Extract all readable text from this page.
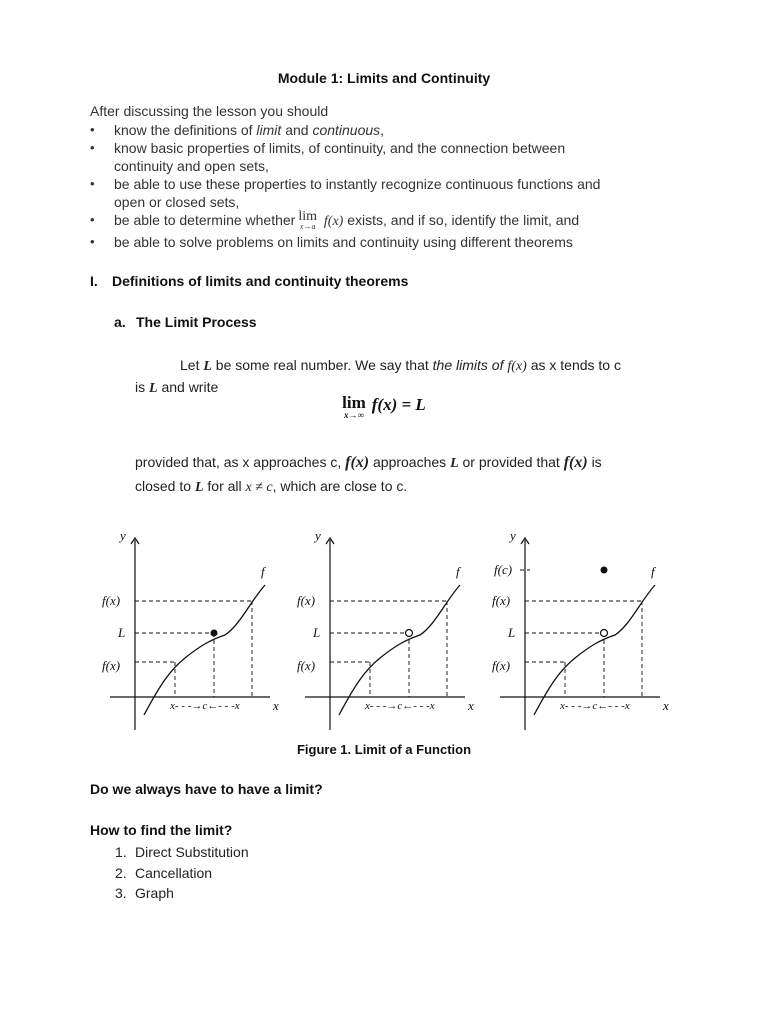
Module 1: Limits and Continuity
After discussing the lesson you should
• know the definitions of limit and continuous,
• know basic properties of limits, of continuity, and the connection between
continuity and open sets,
• be able to use these properties to instantly recognize continuous functions and
open or closed sets,
• be able to determine whether lim
x→a f(x) exists, and if so, identify the limit, and
• be able to solve problems on limits and continuity using different theorems
I. Definitions of limits and continuity theorems
a. The Limit Process
Let L be some real number. We say that the limits of f(x) as x tends to c
is L and write
lim
x→∞
f(x) = L
provided that, as x approaches c, f(x) approaches L or provided that f(x) is
closed to L for all x ≠ c, which are close to c.
y
x
f
f(x)
L
f(x)
x- - -→c←- - -x
y
x
f
f(x)
L
f(x)
x- - -→c←- - -x
y
x
f
f(c)
f(x)
L
f(x)
x- - -→c←- - -x
Figure 1. Limit of a Function
Do we always have to have a limit?
How to find the limit?
1. Direct Substitution
2. Cancellation
3. Graph
